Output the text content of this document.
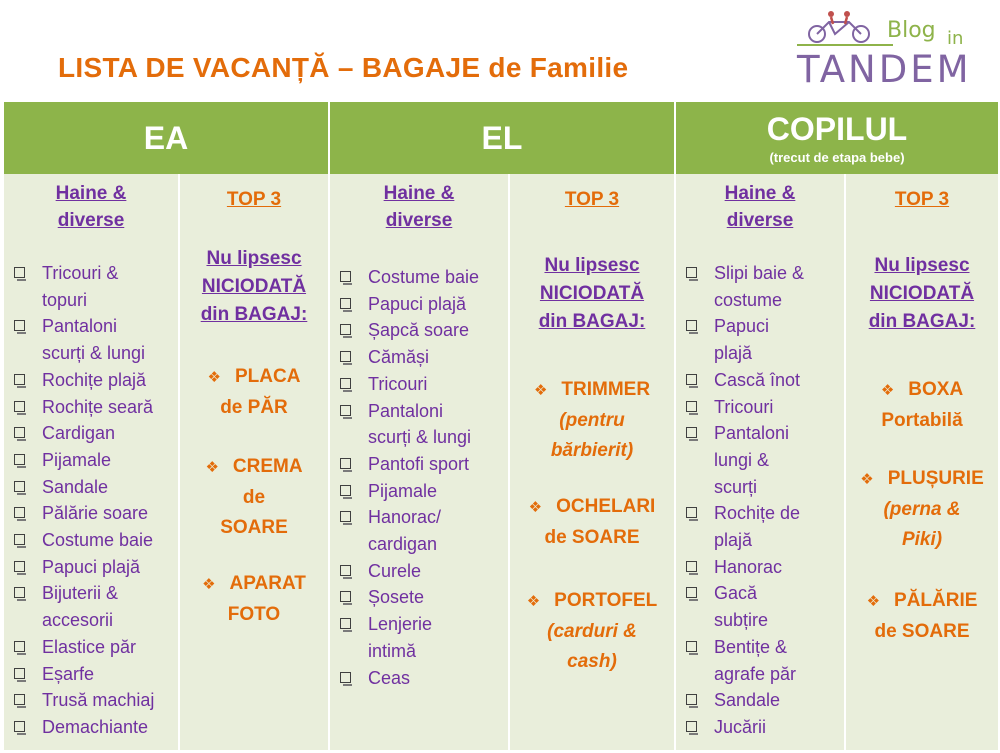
LISTA DE VACANȚĂ – BAGAJE de Familie
Blog in
TANDEM
EA	EL	COPILUL
(trecut de etapa bebe)
Haine &
diverse
Tricouri &
topuri
Pantaloni
scurți & lungi
Rochițe plajă
Rochițe seară
Cardigan
Pijamale
Sandale
Pălărie soare
Costume baie
Papuci plajă
Bijuterii &
accesorii
Elastice păr
Eșarfe
Trusă machiaj
Demachiante
TOP 3
Nu lipsesc
NICIODATĂ
din BAGAJ:
❖ PLACA
de PĂR
❖ CREMA
de
SOARE
❖ APARAT
FOTO
Haine &
diverse
Costume baie
Papuci plajă
Șapcă soare
Cămăși
Tricouri
Pantaloni
scurți & lungi
Pantofi sport
Pijamale
Hanorac/
cardigan
Curele
Șosete
Lenjerie
intimă
Ceas
TOP 3
Nu lipsesc
NICIODATĂ
din BAGAJ:
❖ TRIMMER
(pentru
bărbierit)
❖ OCHELARI
de SOARE
❖ PORTOFEL
(carduri &
cash)
Haine &
diverse
Slipi baie &
costume
Papuci
plajă
Cască înot
Tricouri
Pantaloni
lungi &
scurți
Rochițe de
plajă
Hanorac
Gacă
subțire
Bentițe &
agrafe păr
Sandale
Jucării
TOP 3
Nu lipsesc
NICIODATĂ
din BAGAJ:
❖ BOXA
Portabilă
❖ PLUȘURIE
(perna &
Piki)
❖ PĂLĂRIE
de SOARE
